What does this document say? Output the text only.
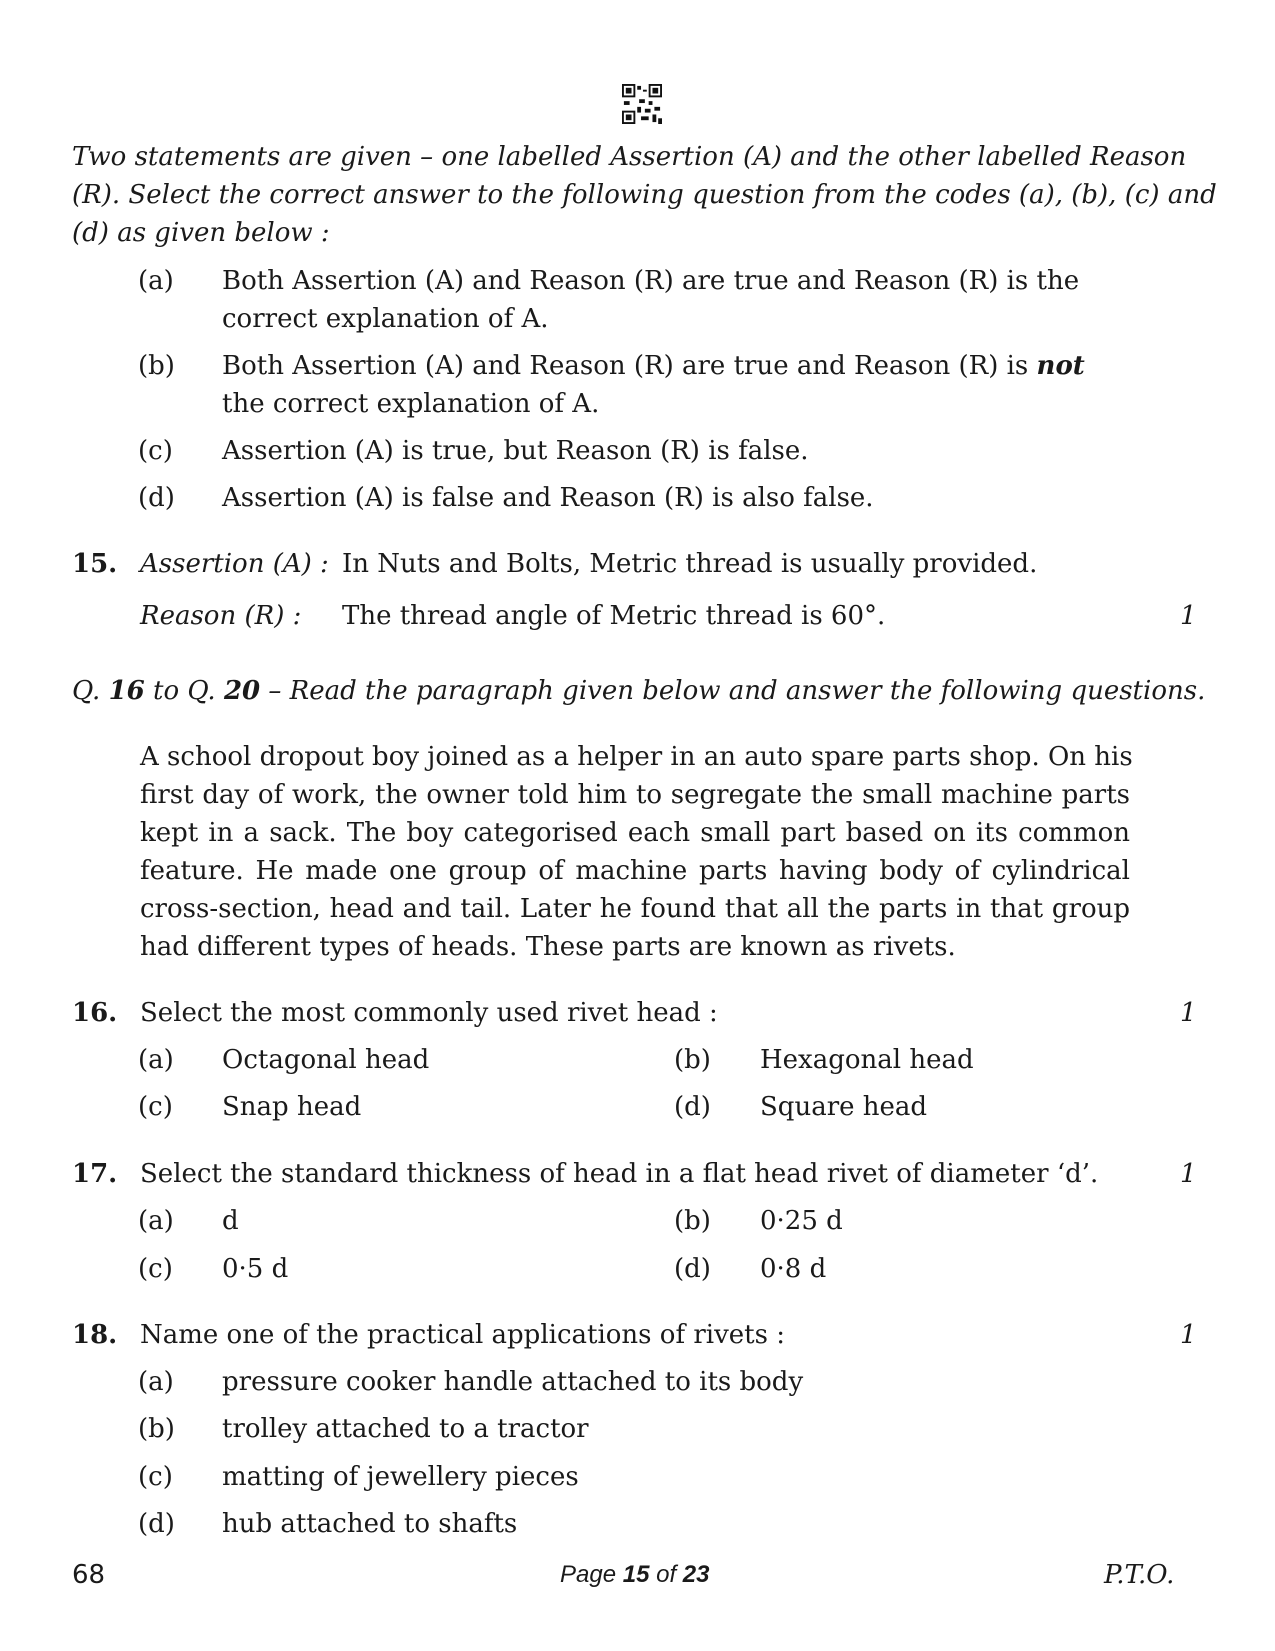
Two statements are given – one labelled Assertion (A) and the other labelled Reason
(R). Select the correct answer to the following question from the codes (a), (b), (c) and
(d) as given below :
(a) Both Assertion (A) and Reason (R) are true and Reason (R) is the
correct explanation of A.
(b) Both Assertion (A) and Reason (R) are true and Reason (R) is not
the correct explanation of A.
(c) Assertion (A) is true, but Reason (R) is false.
(d) Assertion (A) is false and Reason (R) is also false.
15. Assertion (A) : In Nuts and Bolts, Metric thread is usually provided.
Reason (R) : The thread angle of Metric thread is 60°.	1
Q. 16 to Q. 20 – Read the paragraph given below and answer the following questions.
A school dropout boy joined as a helper in an auto spare parts shop. On his
first day of work, the owner told him to segregate the small machine parts
kept in a sack. The boy categorised each small part based on its common
feature. He made one group of machine parts having body of cylindrical
cross-section, head and tail. Later he found that all the parts in that group
had different types of heads. These parts are known as rivets.
16. Select the most commonly used rivet head :	1
(a) Octagonal head	(b) Hexagonal head
(c) Snap head	(d) Square head
17. Select the standard thickness of head in a flat head rivet of diameter ‘d’.	1
(a) d	(b) 0·25 d
(c) 0·5 d	(d) 0·8 d
18. Name one of the practical applications of rivets :	1
(a) pressure cooker handle attached to its body
(b) trolley attached to a tractor
(c) matting of jewellery pieces
(d) hub attached to shafts
68	Page 15 of 23	P.T.O.
